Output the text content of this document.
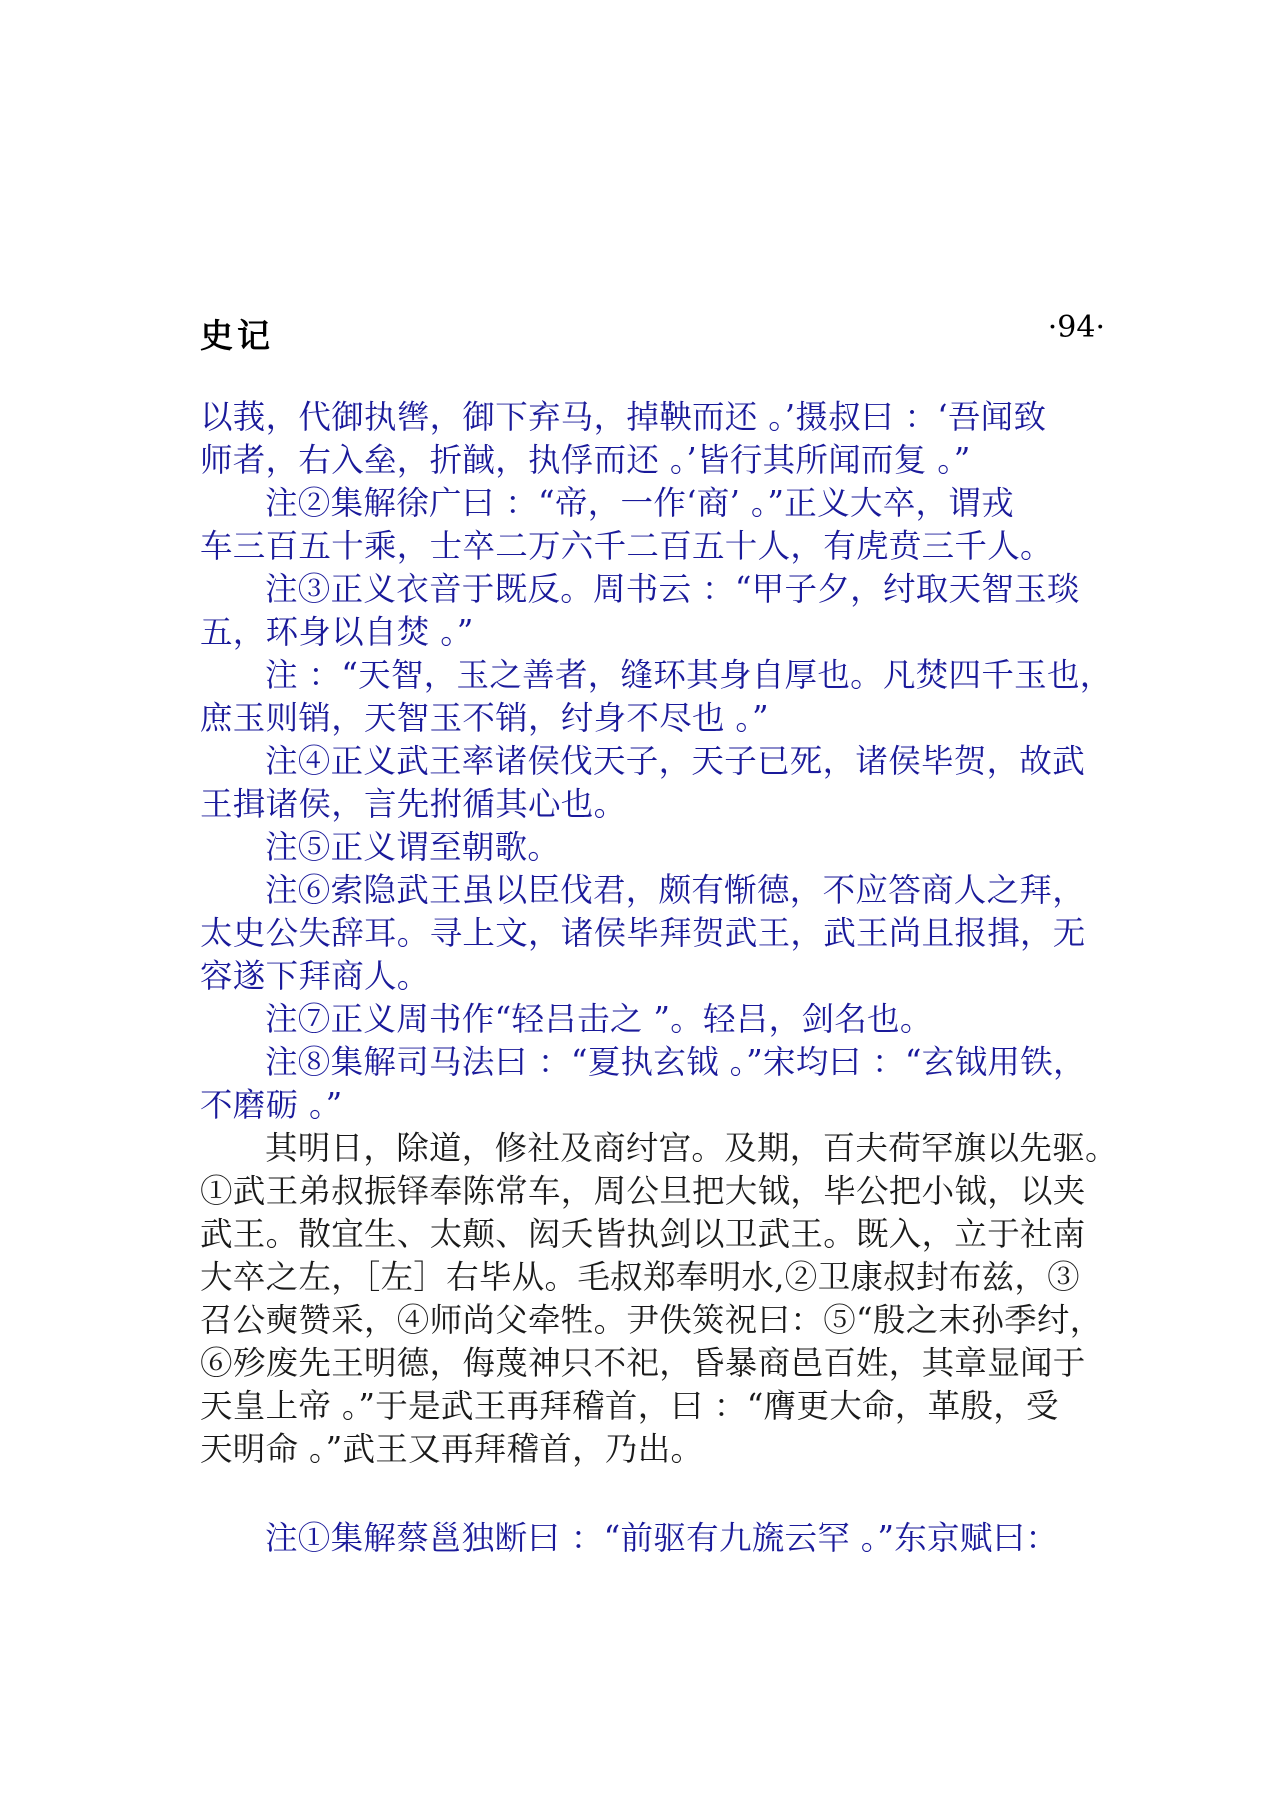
史记	·94·
以莪，代御执辔，御下弃马，掉鞅而还 。’摄叔曰 ：‘吾闻致
师者，右入垒，折馘，执俘而还 。’皆行其所闻而复 。”
注②集解徐广曰 ：“帝，一作‘商’ 。”正义大卒，谓戎
车三百五十乘，士卒二万六千二百五十人，有虎贲三千人。
注③正义衣音于既反。周书云 ：“甲子夕，纣取天智玉琰
五，环身以自焚 。”
注 ：“天智，玉之善者，缝环其身自厚也。凡焚四千玉也，
庶玉则销，天智玉不销，纣身不尽也 。”
注④正义武王率诸侯伐天子，天子已死，诸侯毕贺，故武
王揖诸侯，言先拊循其心也。
注⑤正义谓至朝歌。
注⑥索隐武王虽以臣伐君，颇有惭德，不应答商人之拜，
太史公失辞耳。寻上文，诸侯毕拜贺武王，武王尚且报揖，无
容遂下拜商人。
注⑦正义周书作“轻吕击之 ”。轻吕，剑名也。
注⑧集解司马法曰 ：“夏执玄钺 。”宋均曰 ：“玄钺用铁，
不磨砺 。”
其明日，除道，修社及商纣宫。及期，百夫荷罕旗以先驱。
①武王弟叔振铎奉陈常车，周公旦把大钺，毕公把小钺，以夹
武王。散宜生、太颠、闳夭皆执剑以卫武王。既入，立于社南
大卒之左，［左］右毕从。毛叔郑奉明水,②卫康叔封布兹，③
召公奭赞采，④师尚父牵牲。尹佚筴祝曰：⑤“殷之末孙季纣，
⑥殄废先王明德，侮蔑神只不祀，昏暴商邑百姓，其章显闻于
天皇上帝 。”于是武王再拜稽首，曰 ：“膺更大命，革殷，受
天明命 。”武王又再拜稽首，乃出。
注①集解蔡邕独断曰 ：“前驱有九旒云罕 。”东京赋曰：
